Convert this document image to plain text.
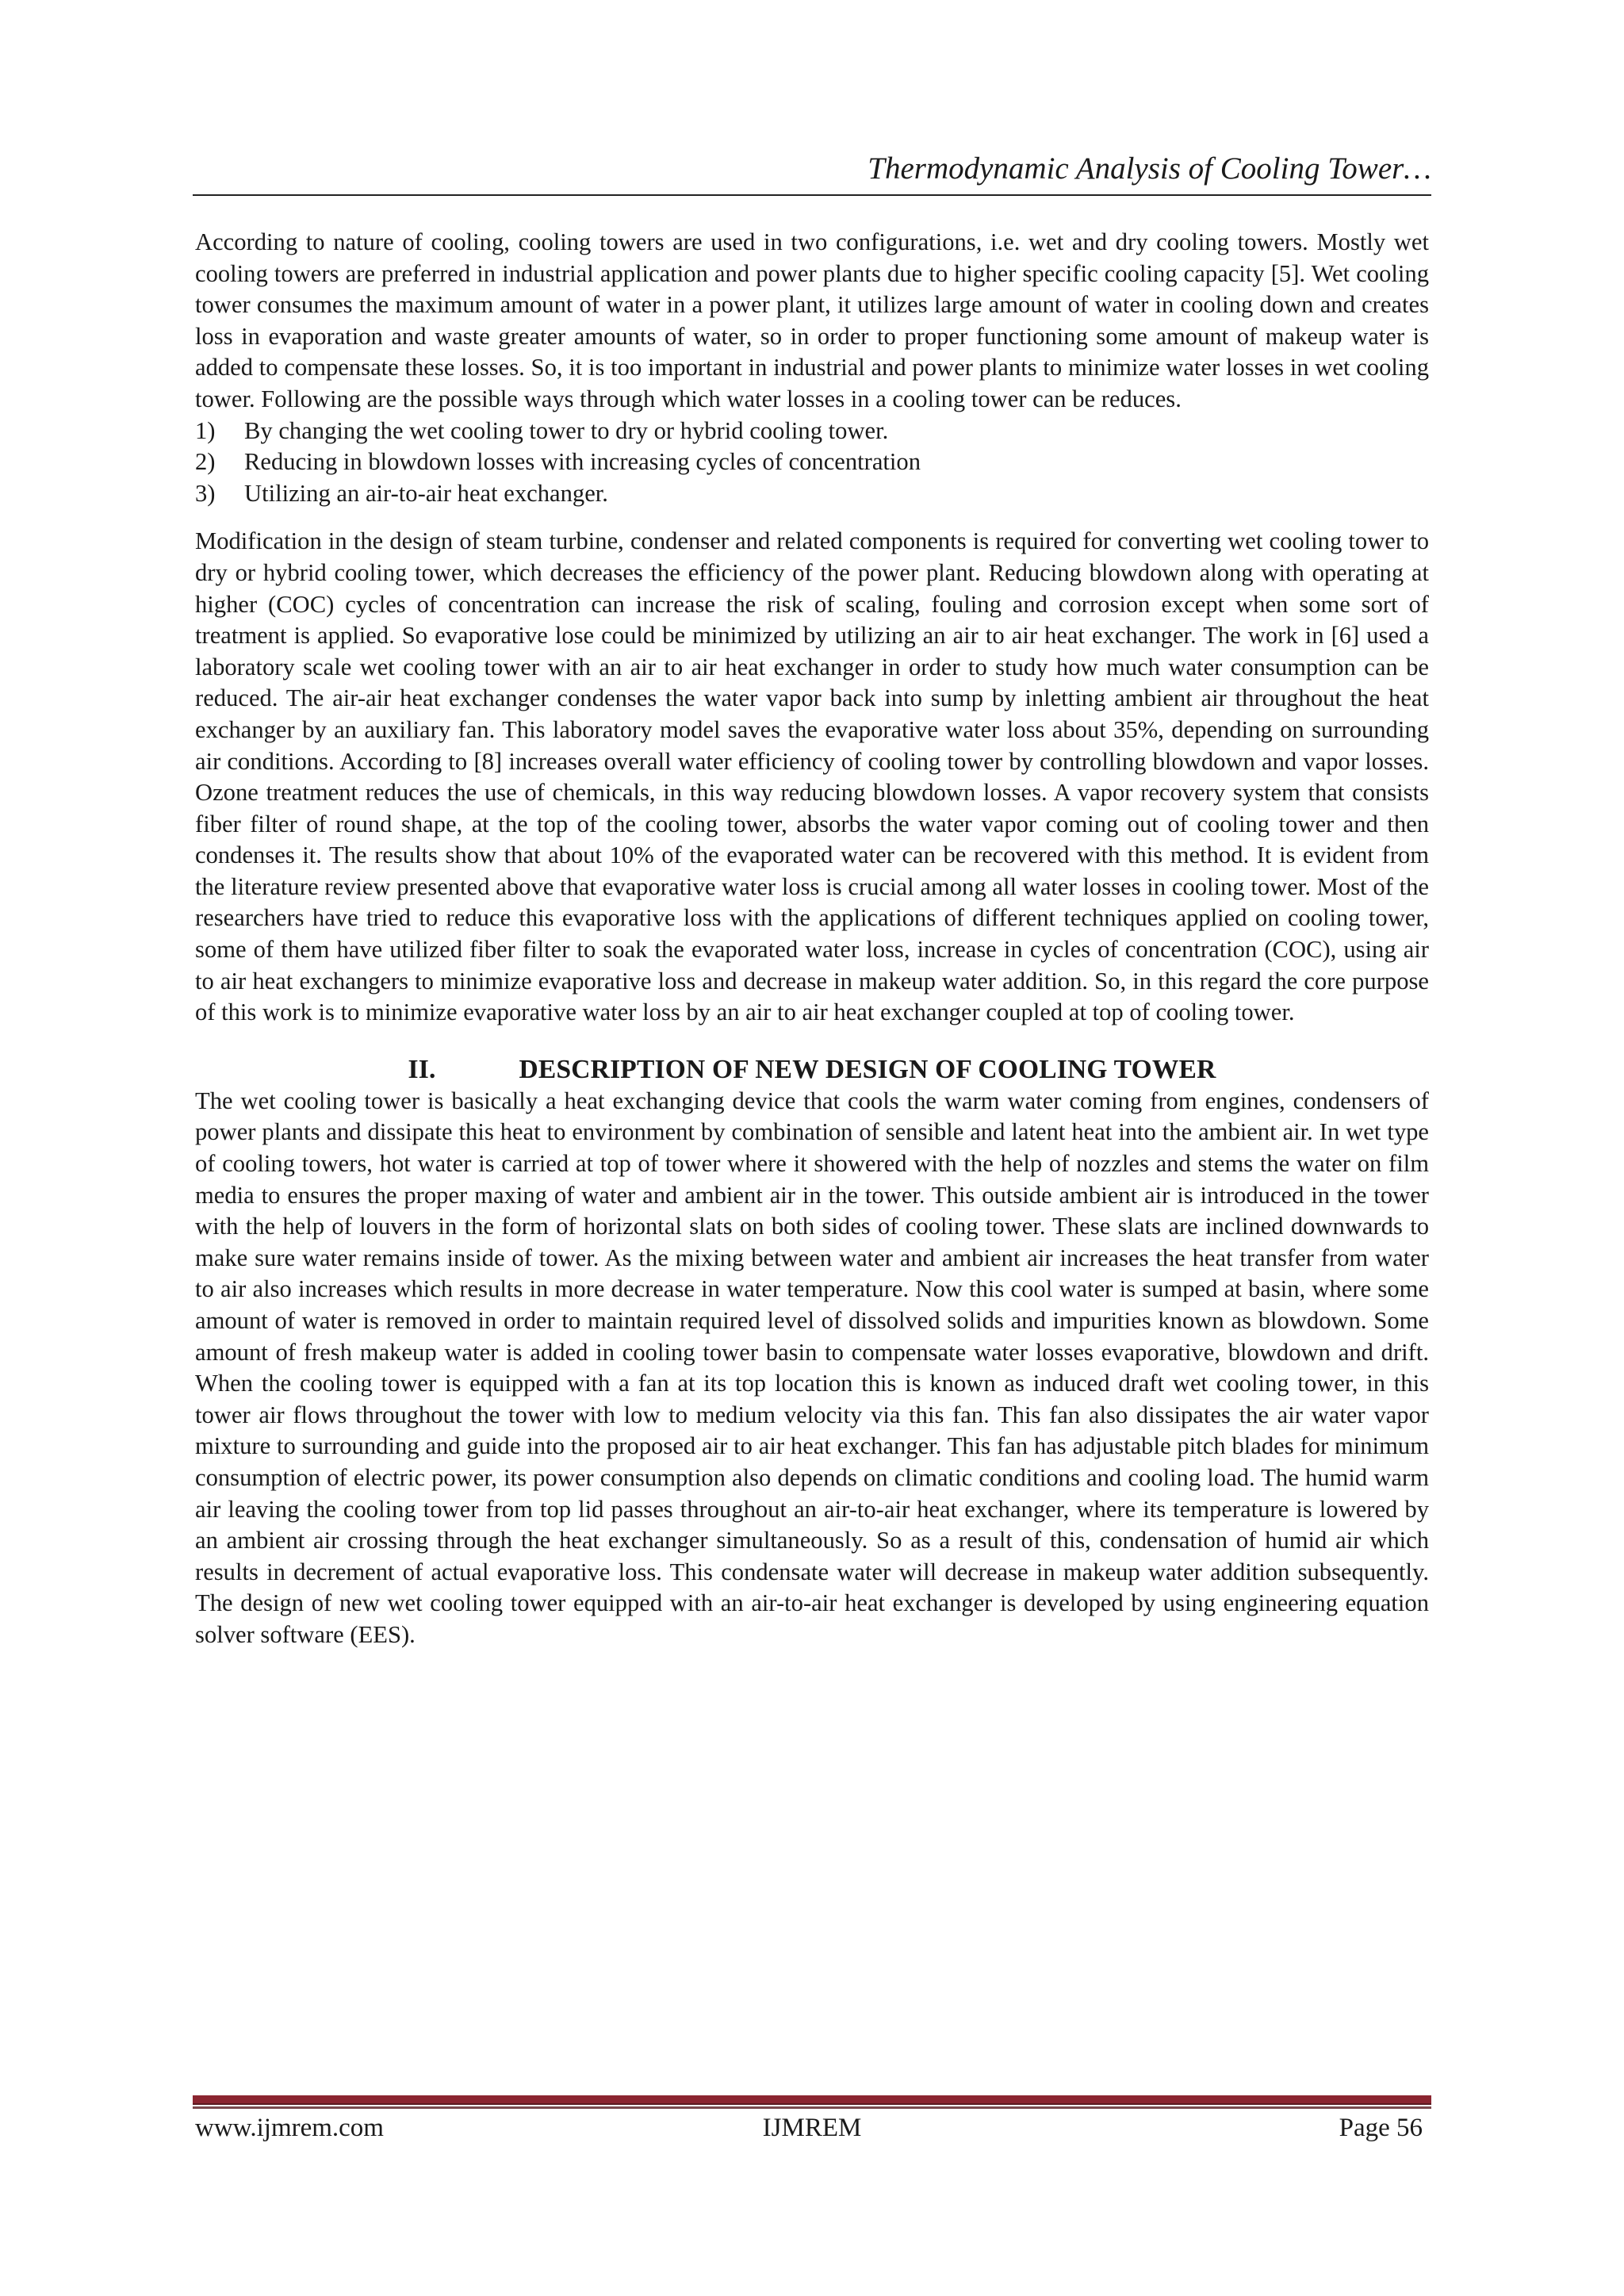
Thermodynamic Analysis of Cooling Tower…

According to nature of cooling, cooling towers are used in two configurations, i.e. wet and dry cooling towers. Mostly wet cooling towers are preferred in industrial application and power plants due to higher specific cooling capacity [5]. Wet cooling tower consumes the maximum amount of water in a power plant, it utilizes large amount of water in cooling down and creates loss in evaporation and waste greater amounts of water, so in order to proper functioning some amount of makeup water is added to compensate these losses. So, it is too important in industrial and power plants to minimize water losses in wet cooling tower. Following are the possible ways through which water losses in a cooling tower can be reduces.

1)	By changing the wet cooling tower to dry or hybrid cooling tower.
2)	Reducing in blowdown losses with increasing cycles of concentration
3)	Utilizing an air-to-air heat exchanger.

Modification in the design of steam turbine, condenser and related components is required for converting wet cooling tower to dry or hybrid cooling tower, which decreases the efficiency of the power plant. Reducing blowdown along with operating at higher (COC) cycles of concentration can increase the risk of scaling, fouling and corrosion except when some sort of treatment is applied. So evaporative lose could be minimized by utilizing an air to air heat exchanger. The work in [6] used a laboratory scale wet cooling tower with an air to air heat exchanger in order to study how much water consumption can be reduced. The air-air heat exchanger condenses the water vapor back into sump by inletting ambient air throughout the heat exchanger by an auxiliary fan. This laboratory model saves the evaporative water loss about 35%, depending on surrounding air conditions. According to [8] increases overall water efficiency of cooling tower by controlling blowdown and vapor losses. Ozone treatment reduces the use of chemicals, in this way reducing blowdown losses. A vapor recovery system that consists fiber filter of round shape, at the top of the cooling tower, absorbs the water vapor coming out of cooling tower and then condenses it. The results show that about 10% of the evaporated water can be recovered with this method. It is evident from the literature review presented above that evaporative water loss is crucial among all water losses in cooling tower. Most of the researchers have tried to reduce this evaporative loss with the applications of different techniques applied on cooling tower, some of them have utilized fiber filter to soak the evaporated water loss, increase in cycles of concentration (COC), using air to air heat exchangers to minimize evaporative loss and decrease in makeup water addition. So, in this regard the core purpose of this work is to minimize evaporative water loss by an air to air heat exchanger coupled at top of cooling tower.

II.	DESCRIPTION OF NEW DESIGN OF COOLING TOWER

The wet cooling tower is basically a heat exchanging device that cools the warm water coming from engines, condensers of power plants and dissipate this heat to environment by combination of sensible and latent heat into the ambient air. In wet type of cooling towers, hot water is carried at top of tower where it showered with the help of nozzles and stems the water on film media to ensures the proper maxing of water and ambient air in the tower. This outside ambient air is introduced in the tower with the help of louvers in the form of horizontal slats on both sides of cooling tower. These slats are inclined downwards to make sure water remains inside of tower. As the mixing between water and ambient air increases the heat transfer from water to air also increases which results in more decrease in water temperature. Now this cool water is sumped at basin, where some amount of water is removed in order to maintain required level of dissolved solids and impurities known as blowdown. Some amount of fresh makeup water is added in cooling tower basin to compensate water losses evaporative, blowdown and drift. When the cooling tower is equipped with a fan at its top location this is known as induced draft wet cooling tower, in this tower air flows throughout the tower with low to medium velocity via this fan. This fan also dissipates the air water vapor mixture to surrounding and guide into the proposed air to air heat exchanger. This fan has adjustable pitch blades for minimum consumption of electric power, its power consumption also depends on climatic conditions and cooling load. The humid warm air leaving the cooling tower from top lid passes throughout an air-to-air heat exchanger, where its temperature is lowered by an ambient air crossing through the heat exchanger simultaneously. So as a result of this, condensation of humid air which results in decrement of actual evaporative loss. This condensate water will decrease in makeup water addition subsequently. The design of new wet cooling tower equipped with an air-to-air heat exchanger is developed by using engineering equation solver software (EES).

www.ijmrem.com	IJMREM	Page 56
